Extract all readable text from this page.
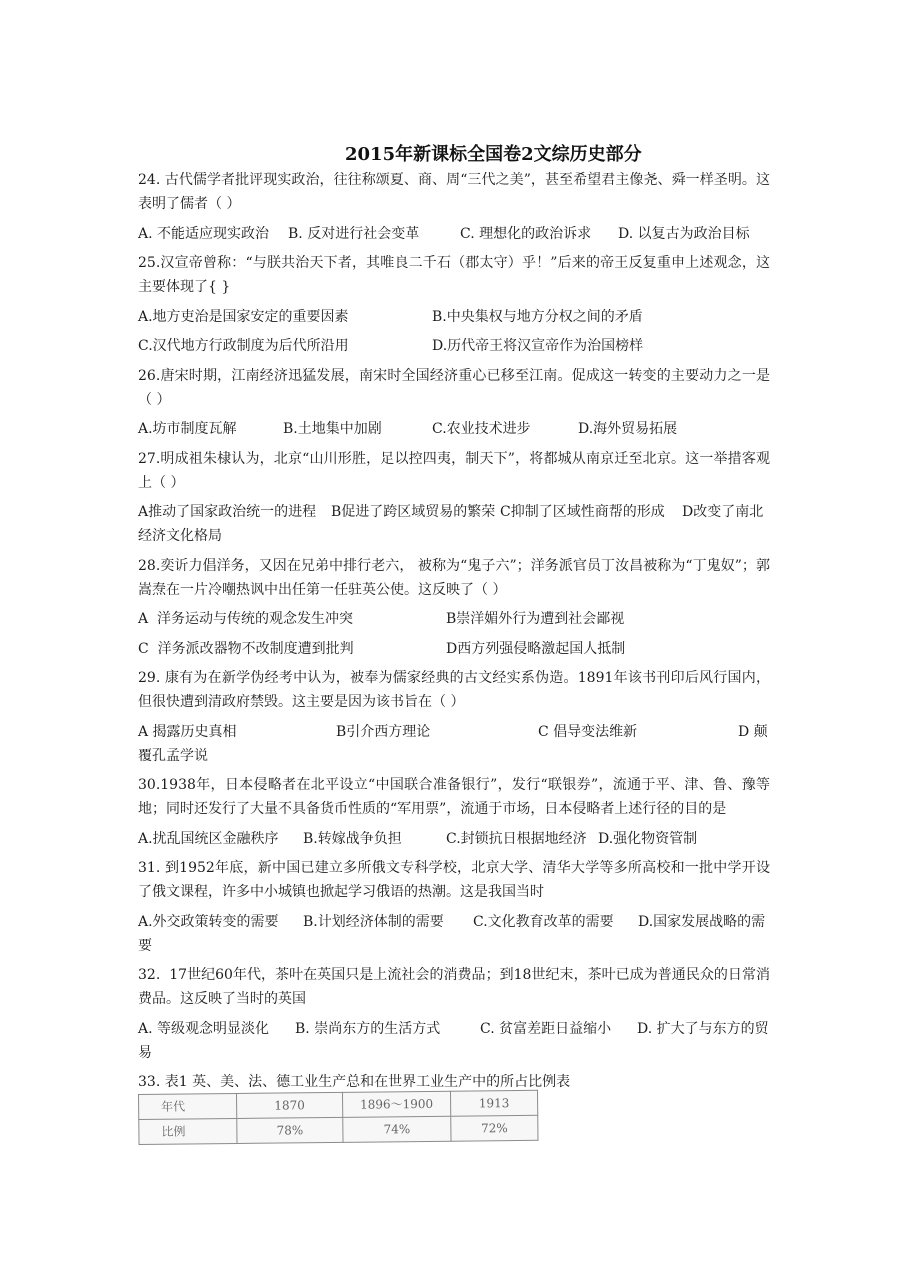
2015年新课标全国卷2文综历史部分
24. 古代儒学者批评现实政治，往往称颂夏、商、周“三代之美”，甚至希望君主像尧、舜一样圣明。这表明了儒者（ ）
A. 不能适应现实政治 B. 反对进行社会变革	C. 理想化的政治诉求 D. 以复古为政治目标
25.汉宣帝曾称：“与朕共治天下者，其唯良二千石（郡太守）乎！”后来的帝王反复重申上述观念，这主要体现了{ }
A.地方吏治是国家安定的重要因素	B.中央集权与地方分权之间的矛盾
C.汉代地方行政制度为后代所沿用	D.历代帝王将汉宣帝作为治国榜样
26.唐宋时期，江南经济迅猛发展，南宋时全国经济重心已移至江南。促成这一转变的主要动力之一是（ ）
A.坊市制度瓦解	B.土地集中加剧	C.农业技术进步	D.海外贸易拓展
27.明成祖朱棣认为，北京“山川形胜，足以控四夷，制天下”，将都城从南京迁至北京。这一举措客观上（ ）
A推动了国家政治统一的进程 B促进了跨区域贸易的繁荣 C抑制了区域性商帮的形成 D改变了南北经济文化格局
28.奕䜣力倡洋务，又因在兄弟中排行老六， 被称为“鬼子六”；洋务派官员丁汝昌被称为“丁鬼奴”；郭嵩焘在一片冷嘲热讽中出任第一任驻英公使。这反映了（ ）
A  洋务运动与传统的观念发生冲突	B崇洋媚外行为遭到社会鄙视
C  洋务派改器物不改制度遭到批判	D西方列强侵略激起国人抵制
29. 康有为在新学伪经考中认为，被奉为儒家经典的古文经实系伪造。1891年该书刊印后风行国内，但很快遭到清政府禁毁。这主要是因为该书旨在（ ）
A 揭露历史真相	B引介西方理论	C 倡导变法维新	D 颠覆孔孟学说
30.1938年，日本侵略者在北平设立“中国联合准备银行”，发行“联银券”，流通于平、津、鲁、豫等地；同时还发行了大量不具备货币性质的“军用票”，流通于市场，日本侵略者上述行径的目的是
A.扰乱国统区金融秩序 B.转嫁战争负担	C.封锁抗日根据地经济 D.强化物资管制
31. 到1952年底，新中国已建立多所俄文专科学校，北京大学、清华大学等多所高校和一批中学开设了俄文课程，许多中小城镇也掀起学习俄语的热潮。这是我国当时
A.外交政策转变的需要 B.计划经济体制的需要 C.文化教育改革的需要 D.国家发展战略的需要
32.  17世纪60年代，茶叶在英国只是上流社会的消费品；到18世纪末，茶叶已成为普通民众的日常消费品。这反映了当时的英国
A. 等级观念明显淡化 B. 崇尚东方的生活方式	C. 贫富差距日益缩小 D. 扩大了与东方的贸易
33. 表1 英、美、法、德工业生产总和在世界工业生产中的所占比例表
年代	1870	1896～1900	1913
比例	78%	74%	72%
